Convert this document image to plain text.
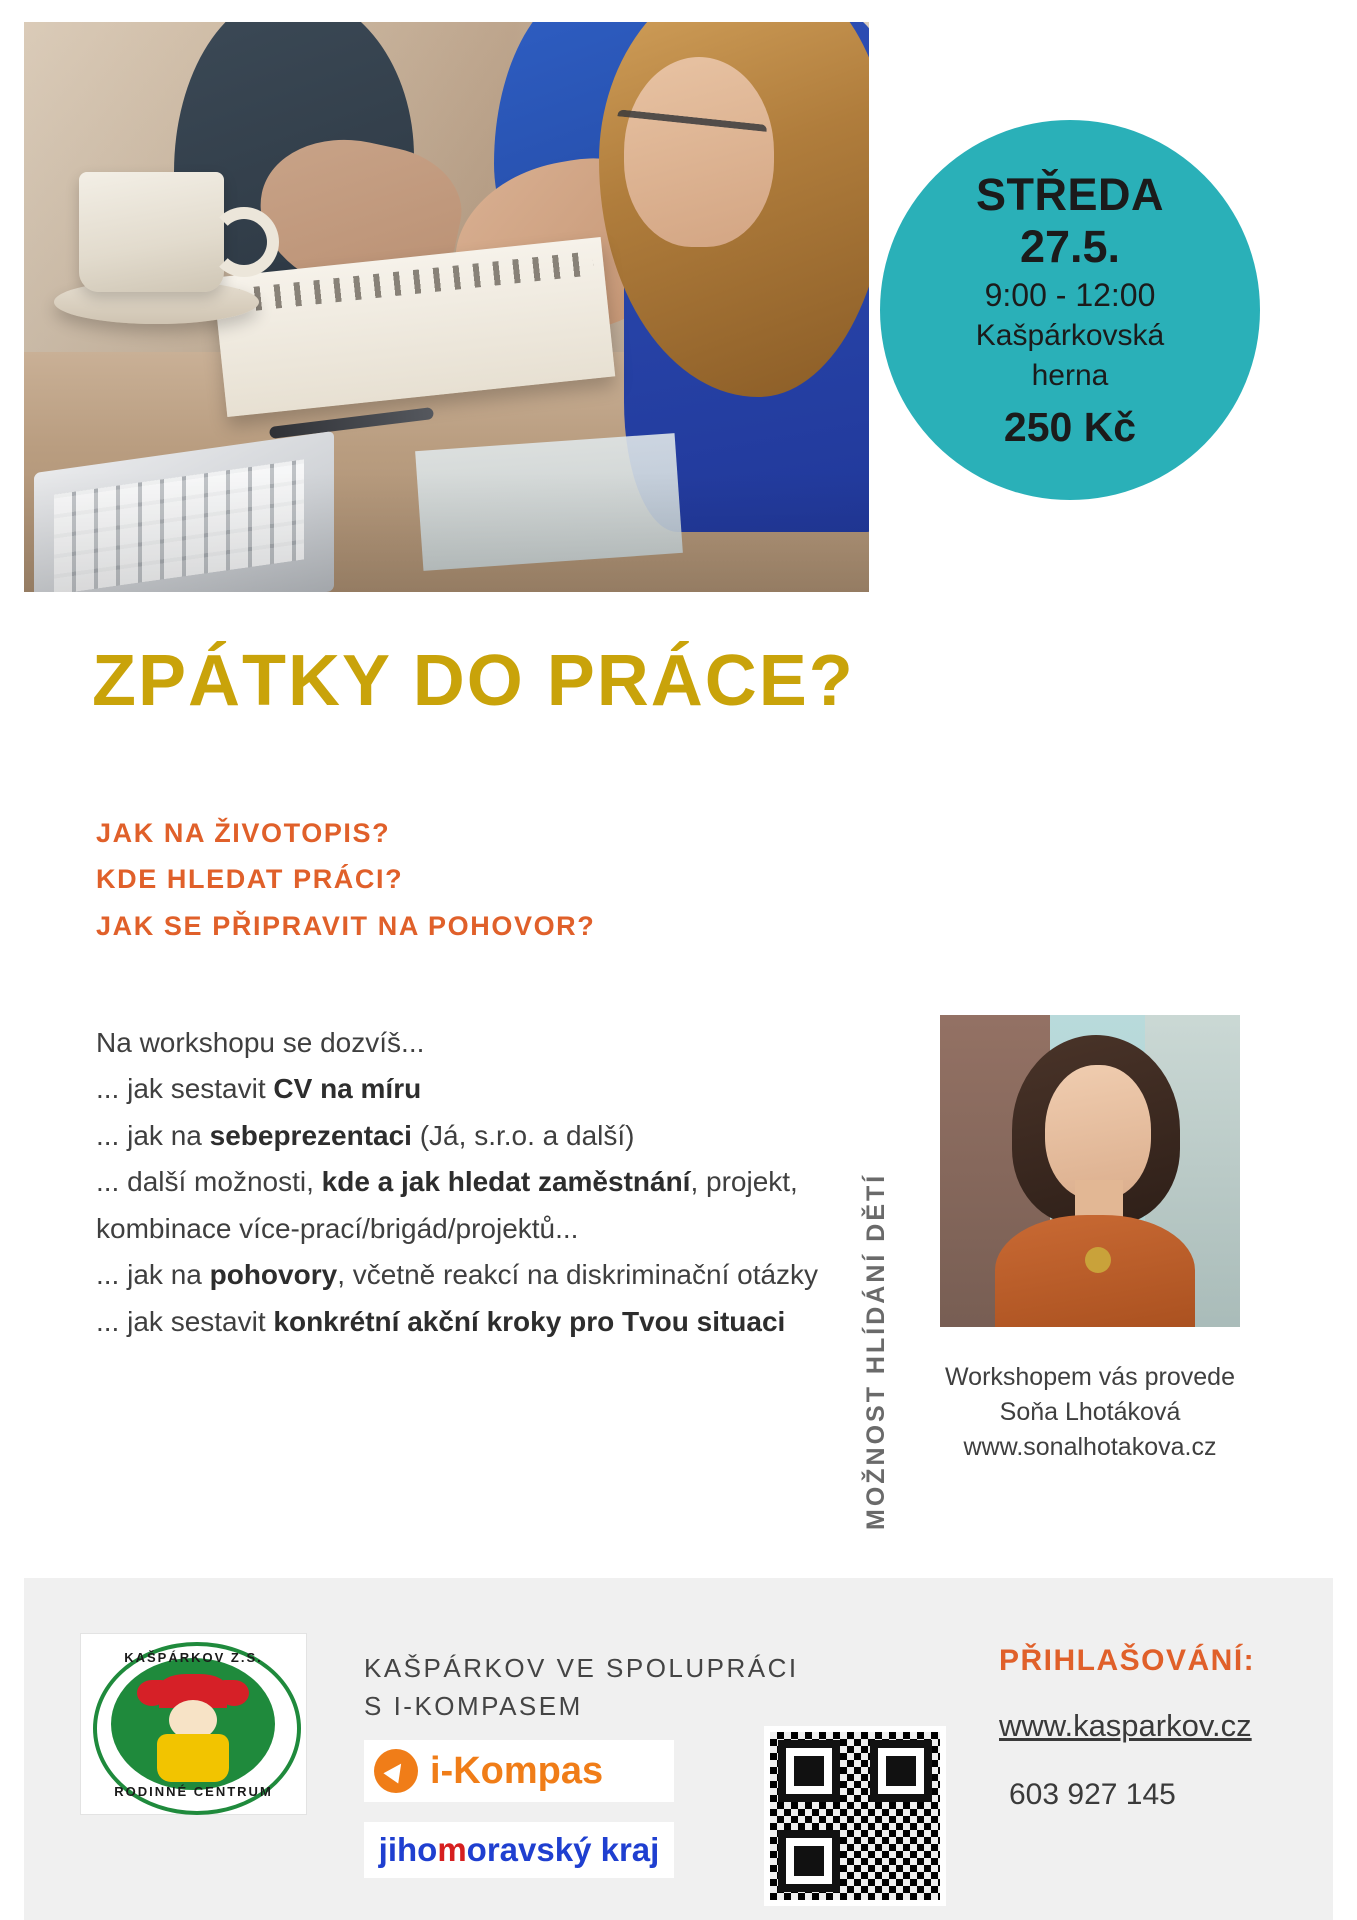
STŘEDA
27.5.
9:00 - 12:00
Kašpárkovská
herna
250 Kč
ZPÁTKY DO PRÁCE?
JAK NA ŽIVOTOPIS?
KDE HLEDAT PRÁCI?
JAK SE PŘIPRAVIT NA POHOVOR?
Na workshopu se dozvíš...
... jak sestavit CV na míru
... jak na sebeprezentaci (Já, s.r.o. a další)
... další možnosti, kde a jak hledat zaměstnání, projekt, kombinace více-prací/brigád/projektů...
... jak na pohovory, včetně reakcí na diskriminační otázky
... jak sestavit konkrétní akční kroky pro Tvou situaci	MOŽNOST HLÍDÁNÍ DĚTÍ	Workshopem vás provede
Soňa Lhotáková
www.sonalhotakova.cz
KAŠPÁRKOV Z.S.
RODINNÉ CENTRUM
KAŠPÁRKOV VE SPOLUPRÁCI
S I-KOMPASEM
i-Kompas
jiho m oravský kraj
PŘIHLAŠOVÁNÍ:
www.kasparkov.cz
603 927 145
